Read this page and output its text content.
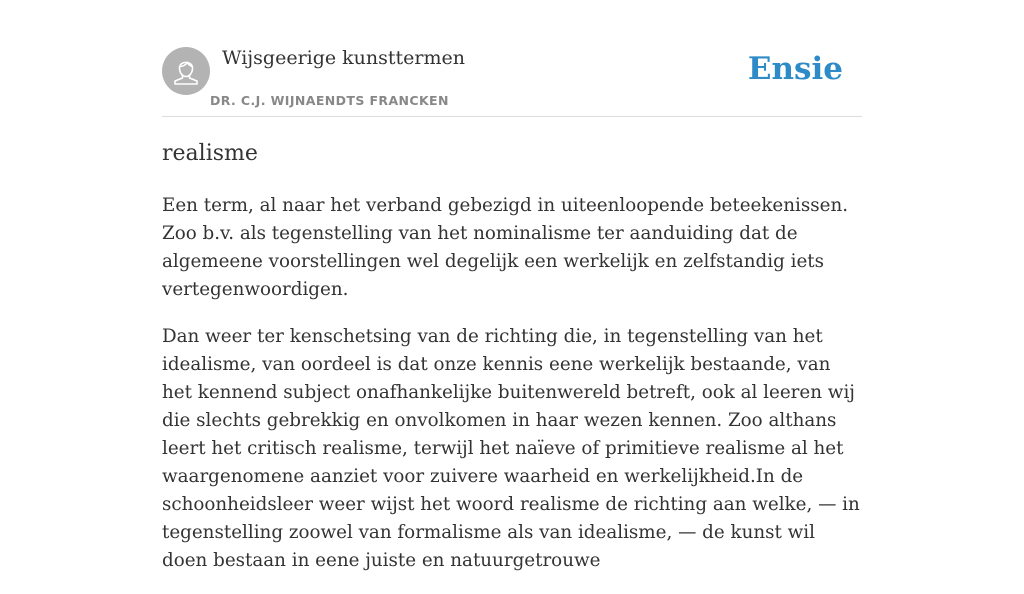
Wijsgeerige kunsttermen
DR. C.J. WIJNAENDTS FRANCKEN
Ensie
realisme

Een term, al naar het verband gebezigd in uiteenloopende beteekenissen. Zoo b.v. als tegenstelling van het nominalisme ter aanduiding dat de algemeene voorstellingen wel degelijk een werkelijk en zelfstandig iets vertegenwoordigen.

Dan weer ter kenschetsing van de richting die, in tegenstelling van het idealisme, van oordeel is dat onze kennis eene werkelijk bestaande, van het kennend subject onafhankelijke buitenwereld betreft, ook al leeren wij die slechts gebrekkig en onvolkomen in haar wezen kennen. Zoo althans leert het critisch realisme, terwijl het naïeve of primitieve realisme al het waargenomene aanziet voor zuivere waarheid en werkelijkheid.In de schoonheidsleer weer wijst het woord realisme de richting aan welke, — in tegenstelling zoowel van formalisme als van idealisme, — de kunst wil doen bestaan in eene juiste en natuurgetrouwe
